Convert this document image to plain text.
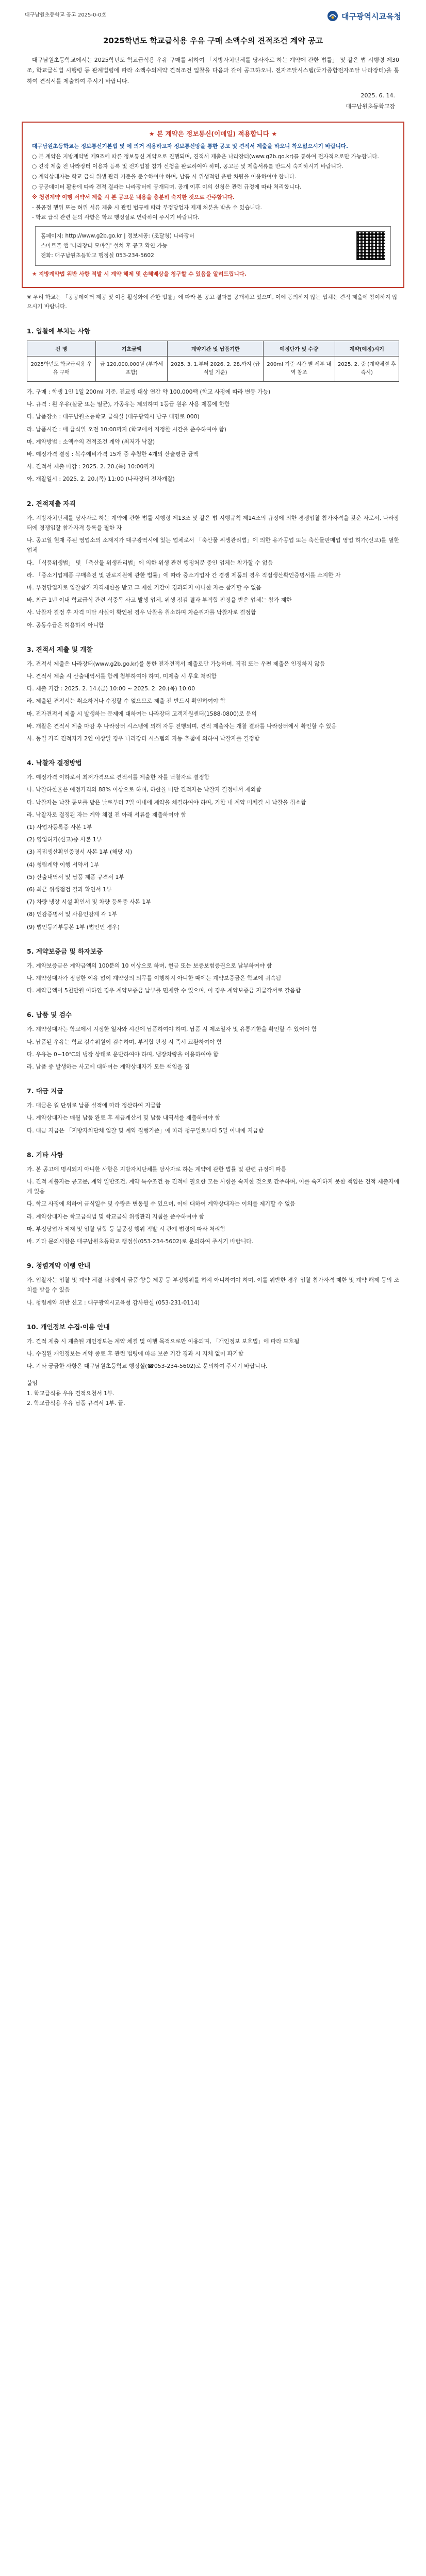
대구남원초등학교 공고 2025-0-0호	대구광역시교육청
2025학년도 학교급식용 우유 구매 소액수의 견적조건 계약 공고
대구남원초등학교에서는 2025학년도 학교급식용 우유 구매를 위하여 「지방자치단체를 당사자로 하는 계약에 관한 법률」 및 같은 법 시행령 제30조, 학교급식법 시행령 등 관계법령에 따라 소액수의계약 견적조건 입찰을 다음과 같이 공고하오니, 전자조달시스템(국가종합전자조달 나라장터)을 통하여 견적서를 제출하여 주시기 바랍니다.
2025. 6. 14.
대구남원초등학교장
★ 본 계약은 정보통신(이메일) 적용합니다 ★

대구남원초등학교는 정보통신기본법 및 에 의거 적용하고자 정보통신망을 통한 공고 및 견적서 제출을 하오니 착오없으시기 바랍니다.

○ 본 계약은 지방계약법 제9조에 따른 정보통신 계약으로 진행되며, 견적서 제출은 나라장터(www.g2b.go.kr)를 통하여 전자적으로만 가능합니다.

○ 견적 제출 전 나라장터 이용자 등록 및 전자입찰 참가 신청을 완료하여야 하며, 공고문 및 제출서류를 반드시 숙지하시기 바랍니다.

○ 계약상대자는 학교 급식 위생 관리 기준을 준수하여야 하며, 납품 시 위생적인 운반 차량을 이용하여야 합니다.

○ 공공데이터 활용에 따라 견적 결과는 나라장터에 공개되며, 공개 이후 이의 신청은 관련 규정에 따라 처리합니다.

※ 청렴계약 이행 서약서 제출 시 본 공고문 내용을 충분히 숙지한 것으로 간주합니다.

- 불공정 행위 또는 허위 서류 제출 시 관련 법규에 따라 부정당업자 제재 처분을 받을 수 있습니다.

- 학교 급식 관련 문의 사항은 학교 행정실로 연락하여 주시기 바랍니다.

홈페이지: http://www.g2b.go.kr | 정보제공: (조달청) 나라장터

스마트폰 앱 '나라장터 모바일' 설치 후 공고 확인 가능

전화: 대구남원초등학교 행정실 053-234-5602

★ 지방계약법 위반 사항 적발 시 계약 해제 및 손해배상을 청구할 수 있음을 알려드립니다.

※ 우리 학교는 「공공데이터 제공 및 이용 활성화에 관한 법률」에 따라 본 공고 결과를 공개하고 있으며, 이에 동의하지 않는 업체는 견적 제출에 참여하지 않으시기 바랍니다.
1. 입찰에 부치는 사항
건 명	기초금액	계약기간 및 납품기한	예정단가 및 수량	계약(예정)시기
2025학년도 학교급식용 우유 구매	금 120,000,000원 (부가세 포함)	2025. 3. 1.부터 2026. 2. 28.까지 (급식일 기준)	200ml 기준 시간 별 세부 내역 참조	2025. 2. 중 (계약체결 후 즉시)

가. 구매 : 학생 1인 1일 200ml 기준, 전교생 대상 연간 약 100,000팩 (학교 사정에 따라 변동 가능)

나. 규격 : 흰 우유(살균 또는 멸균), 가공유는 제외하며 1등급 원유 사용 제품에 한함

다. 납품장소 : 대구남원초등학교 급식실 (대구광역시 남구 대명로 000)

라. 납품시간 : 매 급식일 오전 10:00까지 (학교에서 지정한 시간을 준수하여야 함)

마. 계약방법 : 소액수의 견적조건 계약 (최저가 낙찰)

바. 예정가격 결정 : 복수예비가격 15개 중 추첨한 4개의 산술평균 금액

사. 견적서 제출 마감 : 2025. 2. 20.(목) 10:00까지

아. 개찰일시 : 2025. 2. 20.(목) 11:00 (나라장터 전자개찰)

2. 견적제출 자격

가. 지방자치단체를 당사자로 하는 계약에 관한 법률 시행령 제13조 및 같은 법 시행규칙 제14조의 규정에 의한 경쟁입찰 참가자격을 갖춘 자로서, 나라장터에 경쟁입찰 참가자격 등록을 필한 자

나. 공고일 현재 주된 영업소의 소재지가 대구광역시에 있는 업체로서 「축산물 위생관리법」에 의한 유가공업 또는 축산물판매업 영업 허가(신고)를 필한 업체

다. 「식품위생법」 및 「축산물 위생관리법」에 의한 위생 관련 행정처분 중인 업체는 참가할 수 없음

라. 「중소기업제품 구매촉진 및 판로지원에 관한 법률」에 따라 중소기업자 간 경쟁 제품의 경우 직접생산확인증명서를 소지한 자

마. 부정당업자로 입찰참가 자격제한을 받고 그 제한 기간이 경과되지 아니한 자는 참가할 수 없음

바. 최근 1년 이내 학교급식 관련 식중독 사고 발생 업체, 위생 점검 결과 부적합 판정을 받은 업체는 참가 제한

사. 낙찰자 결정 후 자격 미달 사실이 확인될 경우 낙찰을 취소하며 차순위자를 낙찰자로 결정함

아. 공동수급은 허용하지 아니함

3. 견적서 제출 및 개찰

가. 견적서 제출은 나라장터(www.g2b.go.kr)를 통한 전자견적서 제출로만 가능하며, 직접 또는 우편 제출은 인정하지 않음

나. 견적서 제출 시 산출내역서를 함께 첨부하여야 하며, 미제출 시 무효 처리함

다. 제출 기간 : 2025. 2. 14.(금) 10:00 ~ 2025. 2. 20.(목) 10:00

라. 제출된 견적서는 취소하거나 수정할 수 없으므로 제출 전 반드시 확인하여야 함

마. 전자견적서 제출 시 발생하는 문제에 대하여는 나라장터 고객지원센터(1588-0800)로 문의

바. 개찰은 견적서 제출 마감 후 나라장터 시스템에 의해 자동 진행되며, 견적 제출자는 개찰 결과를 나라장터에서 확인할 수 있음

사. 동일 가격 견적자가 2인 이상일 경우 나라장터 시스템의 자동 추첨에 의하여 낙찰자를 결정함

4. 낙찰자 결정방법

가. 예정가격 이하로서 최저가격으로 견적서를 제출한 자를 낙찰자로 결정함

나. 낙찰하한율은 예정가격의 88% 이상으로 하며, 하한율 미만 견적자는 낙찰자 결정에서 제외함

다. 낙찰자는 낙찰 통보를 받은 날로부터 7일 이내에 계약을 체결하여야 하며, 기한 내 계약 미체결 시 낙찰을 취소함

라. 낙찰자로 결정된 자는 계약 체결 전 아래 서류를 제출하여야 함

(1) 사업자등록증 사본 1부

(2) 영업허가(신고)증 사본 1부

(3) 직접생산확인증명서 사본 1부 (해당 시)

(4) 청렴계약 이행 서약서 1부

(5) 산출내역서 및 납품 제품 규격서 1부

(6) 최근 위생점검 결과 확인서 1부

(7) 차량 냉장 시설 확인서 및 차량 등록증 사본 1부

(8) 인감증명서 및 사용인감계 각 1부

(9) 법인등기부등본 1부 (법인인 경우)

5. 계약보증금 및 하자보증

가. 계약보증금은 계약금액의 100분의 10 이상으로 하며, 현금 또는 보증보험증권으로 납부하여야 함

나. 계약상대자가 정당한 이유 없이 계약상의 의무를 이행하지 아니한 때에는 계약보증금은 학교에 귀속됨

다. 계약금액이 5천만원 이하인 경우 계약보증금 납부를 면제할 수 있으며, 이 경우 계약보증금 지급각서로 갈음함

6. 납품 및 검수

가. 계약상대자는 학교에서 지정한 일자와 시간에 납품하여야 하며, 납품 시 제조일자 및 유통기한을 확인할 수 있어야 함

나. 납품된 우유는 학교 검수위원이 검수하며, 부적합 판정 시 즉시 교환하여야 함

다. 우유는 0~10℃의 냉장 상태로 운반하여야 하며, 냉장차량을 이용하여야 함

라. 납품 중 발생하는 사고에 대하여는 계약상대자가 모든 책임을 짐

7. 대금 지급

가. 대금은 월 단위로 납품 실적에 따라 정산하여 지급함

나. 계약상대자는 매월 납품 완료 후 세금계산서 및 납품 내역서를 제출하여야 함

다. 대금 지급은 「지방자치단체 입찰 및 계약 집행기준」에 따라 청구일로부터 5일 이내에 지급함

8. 기타 사항

가. 본 공고에 명시되지 아니한 사항은 지방자치단체를 당사자로 하는 계약에 관한 법률 및 관련 규정에 따름

나. 견적 제출자는 공고문, 계약 일반조건, 계약 특수조건 등 견적에 필요한 모든 사항을 숙지한 것으로 간주하며, 이를 숙지하지 못한 책임은 견적 제출자에게 있음

다. 학교 사정에 의하여 급식일수 및 수량은 변동될 수 있으며, 이에 대하여 계약상대자는 이의를 제기할 수 없음

라. 계약상대자는 학교급식법 및 학교급식 위생관리 지침을 준수하여야 함

마. 부정당업자 제재 및 입찰 담합 등 불공정 행위 적발 시 관계 법령에 따라 처리함

바. 기타 문의사항은 대구남원초등학교 행정실(053-234-5602)로 문의하여 주시기 바랍니다.

9. 청렴계약 이행 안내

가. 입찰자는 입찰 및 계약 체결 과정에서 금품·향응 제공 등 부정행위를 하지 아니하여야 하며, 이를 위반한 경우 입찰 참가자격 제한 및 계약 해제 등의 조치를 받을 수 있음

나. 청렴계약 위반 신고 : 대구광역시교육청 감사관실 (053-231-0114)

10. 개인정보 수집·이용 안내

가. 견적 제출 시 제출된 개인정보는 계약 체결 및 이행 목적으로만 이용되며, 「개인정보 보호법」에 따라 보호됨

나. 수집된 개인정보는 계약 종료 후 관련 법령에 따른 보존 기간 경과 시 지체 없이 파기함

다. 기타 궁금한 사항은 대구남원초등학교 행정실(☎053-234-5602)로 문의하여 주시기 바랍니다.

붙임
1. 학교급식용 우유 견적요청서 1부.
2. 학교급식용 우유 납품 규격서 1부. 끝.
